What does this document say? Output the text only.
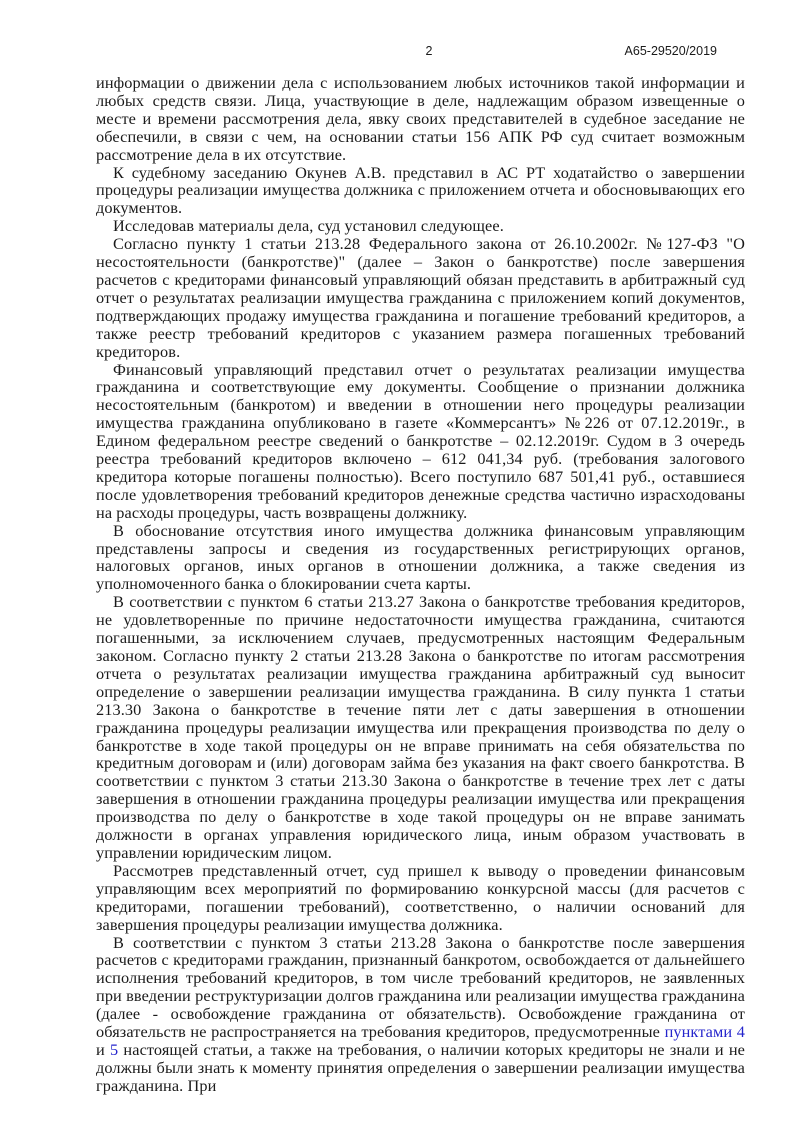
2	А65-29520/2019

информации о движении дела с использованием любых источников такой информации и любых средств связи. Лица, участвующие в деле, надлежащим образом извещенные о месте и времени рассмотрения дела, явку своих представителей в судебное заседание не обеспечили, в связи с чем, на основании статьи 156 АПК РФ суд считает возможным рассмотрение дела в их отсутствие.

К судебному заседанию Окунев А.В. представил в АС РТ ходатайство о завершении процедуры реализации имущества должника с приложением отчета и обосновывающих его документов.

Исследовав материалы дела, суд установил следующее.

Согласно пункту 1 статьи 213.28 Федерального закона от 26.10.2002г. №127-ФЗ "О несостоятельности (банкротстве)" (далее – Закон о банкротстве) после завершения расчетов с кредиторами финансовый управляющий обязан представить в арбитражный суд отчет о результатах реализации имущества гражданина с приложением копий документов, подтверждающих продажу имущества гражданина и погашение требований кредиторов, а также реестр требований кредиторов с указанием размера погашенных требований кредиторов.

Финансовый управляющий представил отчет о результатах реализации имущества гражданина и соответствующие ему документы. Сообщение о признании должника несостоятельным (банкротом) и введении в отношении него процедуры реализации имущества гражданина опубликовано в газете «Коммерсантъ» №226 от 07.12.2019г., в Едином федеральном реестре сведений о банкротстве – 02.12.2019г. Судом в 3 очередь реестра требований кредиторов включено – 612 041,34 руб. (требования залогового кредитора которые погашены полностью). Всего поступило 687 501,41 руб., оставшиеся после удовлетворения требований кредиторов денежные средства частично израсходованы на расходы процедуры, часть возвращены должнику.

В обоснование отсутствия иного имущества должника финансовым управляющим представлены запросы и сведения из государственных регистрирующих органов, налоговых органов, иных органов в отношении должника, а также сведения из уполномоченного банка о блокировании счета карты.

В соответствии с пунктом 6 статьи 213.27 Закона о банкротстве требования кредиторов, не удовлетворенные по причине недостаточности имущества гражданина, считаются погашенными, за исключением случаев, предусмотренных настоящим Федеральным законом. Согласно пункту 2 статьи 213.28 Закона о банкротстве по итогам рассмотрения отчета о результатах реализации имущества гражданина арбитражный суд выносит определение о завершении реализации имущества гражданина. В силу пункта 1 статьи 213.30 Закона о банкротстве в течение пяти лет с даты завершения в отношении гражданина процедуры реализации имущества или прекращения производства по делу о банкротстве в ходе такой процедуры он не вправе принимать на себя обязательства по кредитным договорам и (или) договорам займа без указания на факт своего банкротства. В соответствии с пунктом 3 статьи 213.30 Закона о банкротстве в течение трех лет с даты завершения в отношении гражданина процедуры реализации имущества или прекращения производства по делу о банкротстве в ходе такой процедуры он не вправе занимать должности в органах управления юридического лица, иным образом участвовать в управлении юридическим лицом.

Рассмотрев представленный отчет, суд пришел к выводу о проведении финансовым управляющим всех мероприятий по формированию конкурсной массы (для расчетов с кредиторами, погашении требований), соответственно, о наличии оснований для завершения процедуры реализации имущества должника.

В соответствии с пунктом 3 статьи 213.28 Закона о банкротстве после завершения расчетов с кредиторами гражданин, признанный банкротом, освобождается от дальнейшего исполнения требований кредиторов, в том числе требований кредиторов, не заявленных при введении реструктуризации долгов гражданина или реализации имущества гражданина (далее - освобождение гражданина от обязательств). Освобождение гражданина от обязательств не распространяется на требования кредиторов, предусмотренные пунктами 4 и 5 настоящей статьи, а также на требования, о наличии которых кредиторы не знали и не должны были знать к моменту принятия определения о завершении реализации имущества гражданина. При
